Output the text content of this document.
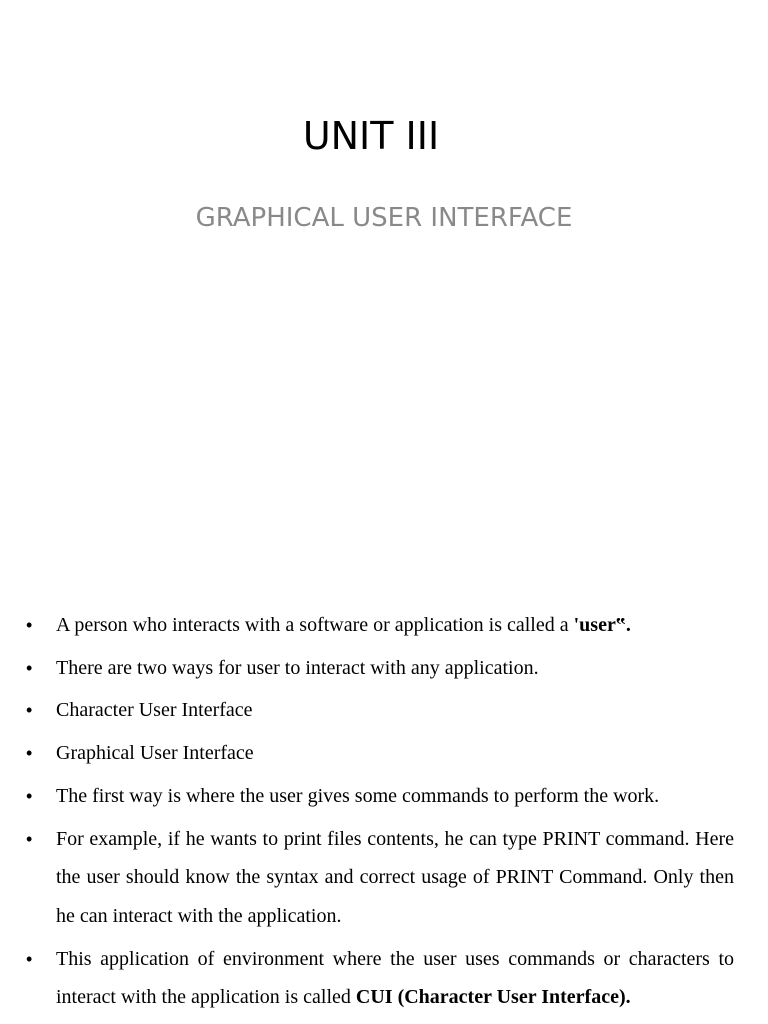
UNIT III
GRAPHICAL USER INTERFACE
• A person who interacts with a software or application is called a 'user‟.
• There are two ways for user to interact with any application.
• Character User Interface
• Graphical User Interface
• The first way is where the user gives some commands to perform the work.
• For example, if he wants to print files contents, he can type PRINT command. Here the user should know the syntax and correct usage of PRINT Command. Only then he can interact with the application.
• This application of environment where the user uses commands or characters to interact with the application is called CUI (Character User Interface).
